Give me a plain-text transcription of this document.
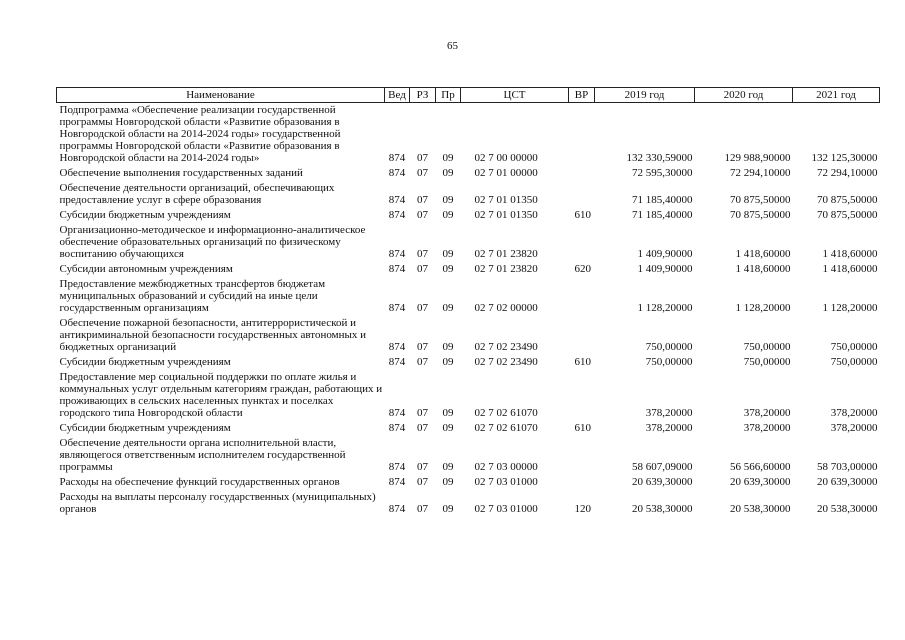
65
Наименование	Вед	РЗ	Пр	ЦСТ	ВР	2019 год	2020 год	2021 год
Подпрограмма «Обеспечение реализации государственной программы Новгородской области «Развитие образования в Новгородской области на 2014-2024 годы» государственной программы Новгородской области «Развитие образования в Новгородской области на 2014-2024 годы»	874	07	09	02 7 00 00000		132 330,59000	129 988,90000	132 125,30000
Обеспечение выполнения государственных заданий	874	07	09	02 7 01 00000		72 595,30000	72 294,10000	72 294,10000
Обеспечение деятельности организаций, обеспечивающих предоставление услуг в сфере образования	874	07	09	02 7 01 01350		71 185,40000	70 875,50000	70 875,50000
Субсидии бюджетным учреждениям	874	07	09	02 7 01 01350	610	71 185,40000	70 875,50000	70 875,50000
Организационно-методическое и информационно-аналитическое обеспечение образовательных организаций по физическому воспитанию обучающихся	874	07	09	02 7 01 23820		1 409,90000	1 418,60000	1 418,60000
Субсидии автономным учреждениям	874	07	09	02 7 01 23820	620	1 409,90000	1 418,60000	1 418,60000
Предоставление межбюджетных трансфертов бюджетам муниципальных образований и субсидий на иные цели государственным организациям	874	07	09	02 7 02 00000		1 128,20000	1 128,20000	1 128,20000
Обеспечение пожарной безопасности, антитеррористической и антикриминальной безопасности государственных автономных и бюджетных организаций	874	07	09	02 7 02 23490		750,00000	750,00000	750,00000
Субсидии бюджетным учреждениям	874	07	09	02 7 02 23490	610	750,00000	750,00000	750,00000
Предоставление мер социальной поддержки по оплате жилья и коммунальных услуг отдельным категориям граждан, работающих и проживающих в сельских населенных пунктах и поселках городского типа Новгородской области	874	07	09	02 7 02 61070		378,20000	378,20000	378,20000
Субсидии бюджетным учреждениям	874	07	09	02 7 02 61070	610	378,20000	378,20000	378,20000
Обеспечение деятельности органа исполнительной власти, являющегося ответственным исполнителем государственной программы	874	07	09	02 7 03 00000		58 607,09000	56 566,60000	58 703,00000
Расходы на обеспечение функций государственных органов	874	07	09	02 7 03 01000		20 639,30000	20 639,30000	20 639,30000
Расходы на выплаты персоналу государственных (муниципальных) органов	874	07	09	02 7 03 01000	120	20 538,30000	20 538,30000	20 538,30000
